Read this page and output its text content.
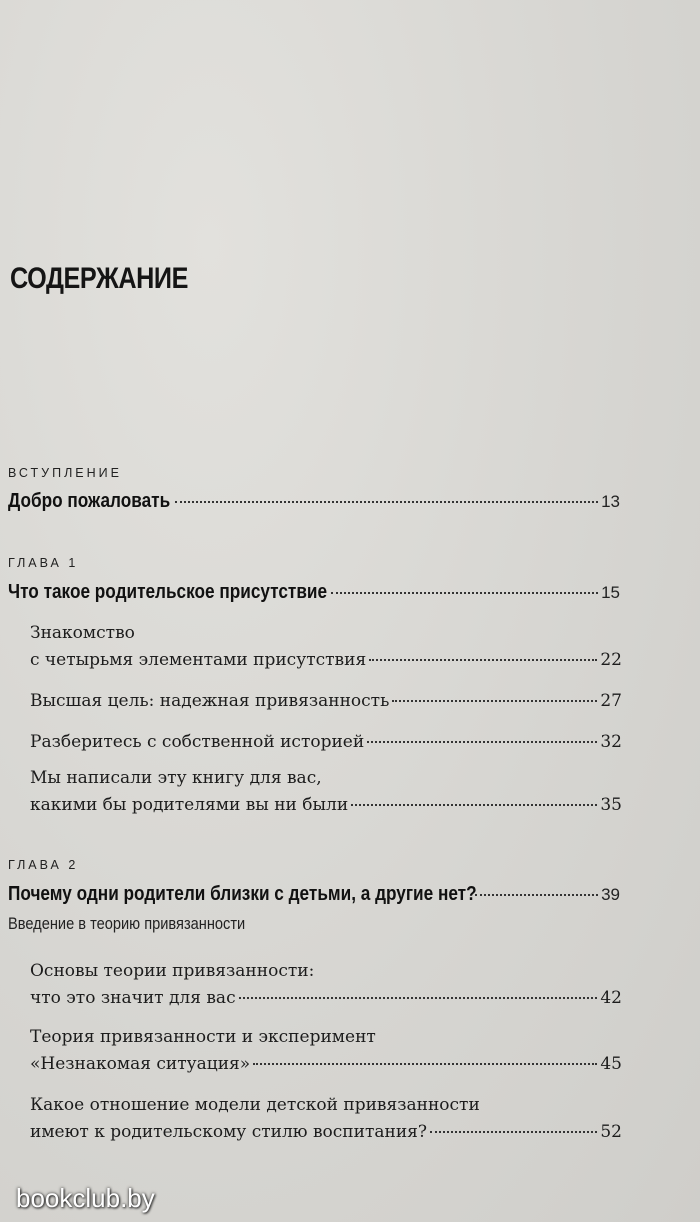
СОДЕРЖАНИЕ
ВСТУПЛЕНИЕ
Добро пожаловать	13
ГЛАВА 1
Что такое родительское присутствие	15
Знакомство
с четырьмя элементами присутствия	22
Высшая цель: надежная привязанность	27
Разберитесь с собственной историей	32
Мы написали эту книгу для вас,
какими бы родителями вы ни были	35
ГЛАВА 2
Почему одни родители близки с детьми, а другие нет?	39
Введение в теорию привязанности
Основы теории привязанности:
что это значит для вас	42
Теория привязанности и эксперимент
«Незнакомая ситуация»	45
Какое отношение модели детской привязанности
имеют к родительскому стилю воспитания?	52
bookclub.by
